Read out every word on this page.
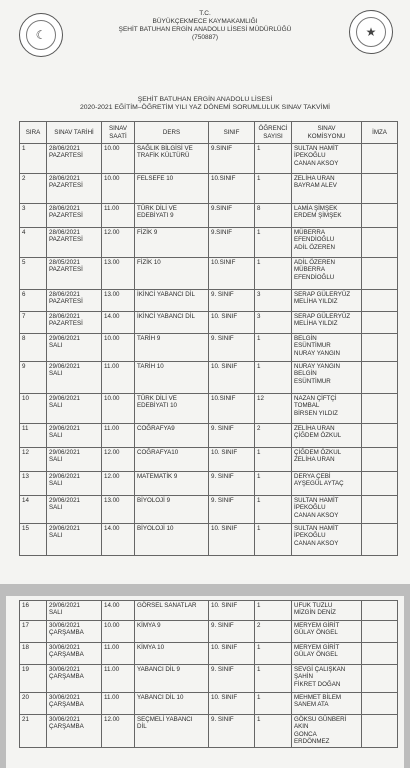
☾	★
T.C.
BÜYÜKÇEKMECE KAYMAKAMLIĞI
ŞEHİT BATUHAN ERGİN ANADOLU LİSESİ MÜDÜRLÜĞÜ
(750887)
ŞEHİT BATUHAN ERGİN ANADOLU LİSESİ
2020-2021 EĞİTİM–ÖĞRETİM YILI YAZ DÖNEMİ SORUMLULUK SINAV TAKVİMİ
SIRA	SINAV TARİHİ	SINAV
SAATİ	DERS	SINIF	ÖĞRENCİ
SAYISI	SINAV
KOMİSYONU	İMZA
1	28/06/2021
PAZARTESİ	10.00	SAĞLIK BİLGİSİ VE
TRAFİK KÜLTÜRÜ	9.SINIF	1	SULTAN HAMİT
İPEKOĞLU
CANAN AKSOY	
2	28/06/2021
PAZARTESİ	10.00	FELSEFE 10	10.SINIF	1	ZELİHA URAN
BAYRAM ALEV	
3	28/06/2021
PAZARTESİ	11.00	TÜRK DİLİ VE
EDEBİYATI 9	9.SINIF	8	LAMİA ŞİMŞEK
ERDEM ŞİMŞEK	
4	28/06/2021
PAZARTESİ	12.00	FİZİK 9	9.SINIF	1	MÜBERRA
EFENDİOĞLU
ADİL ÖZEREN	
5	28/05/2021
PAZARTESİ	13.00	FİZİK 10	10.SINIF	1	ADİL ÖZEREN
MÜBERRA
EFENDİOĞLU	
6	28/06/2021
PAZARTESİ	13.00	İKİNCİ YABANCI DİL	9. SINIF	3	SERAP GÜLERYÜZ
MELİHA YILDIZ	
7	28/06/2021
PAZARTESİ	14.00	İKİNCİ YABANCI DİL	10. SINIF	3	SERAP GÜLERYÜZ
MELİHA YILDIZ	
8	29/06/2021
SALI	10.00	TARİH 9	9. SINIF	1	BELGİN
ESÜNTİMUR
NURAY YANGIN	
9	29/06/2021
SALI	11.00	TARİH 10	10. SINIF	1	NURAY YANGIN
BELGİN
ESÜNTİMUR	
10	29/06/2021
SALI	10.00	TÜRK DİLİ VE
EDEBİYATI 10	10.SINIF	12	NAZAN ÇİFTÇİ
TOMBAL
BİRSEN YILDIZ	
11	29/06/2021
SALI	11.00	COĞRAFYA9	9. SINIF	2	ZELİHA URAN
ÇİĞDEM ÖZKUL	
12	29/06/2021
SALI	12.00	COĞRAFYA10	10. SINIF	1	ÇİĞDEM ÖZKUL
ZELİHA URAN	
13	29/06/2021
SALI	12.00	MATEMATİK 9	9. SINIF	1	DERYA ÇEBİ
AYŞEGÜL AYTAÇ	
14	29/06/2021
SALI	13.00	BİYOLOJİ 9	9. SINIF	1	SULTAN HAMİT
İPEKOĞLU
CANAN AKSOY	
15	29/06/2021
SALI	14.00	BİYOLOJİ 10	10. SINIF	1	SULTAN HAMİT
İPEKOĞLU
CANAN AKSOY	
16	29/06/2021
SALI	14.00	GÖRSEL SANATLAR	10. SINIF	1	UFUK TUZLU
MİZGİN DENİZ	
17	30/06/2021
ÇARŞAMBA	10.00	KİMYA 9	9. SINIF	2	MERYEM GİRİT
GÜLAY ÖNGEL	
18	30/06/2021
ÇARŞAMBA	11.00	KİMYA 10	10. SINIF	1	MERYEM GİRİT
GÜLAY ÖNGEL	
19	30/06/2021
ÇARŞAMBA	11.00	YABANCI DİL 9	9. SINIF	1	SEVGİ ÇALIŞKAN
ŞAHİN
FİKRET DOĞAN	
20	30/06/2021
ÇARŞAMBA	11.00	YABANCI DİL 10	10. SINIF	1	MEHMET BİLEM
SANEM ATA	
21	30/06/2021
ÇARŞAMBA	12.00	SEÇMELİ YABANCI
DİL	9. SINIF	1	GÖKSU GÜNBERİ
AKIN
GONCA
ERDÖNMEZ	
